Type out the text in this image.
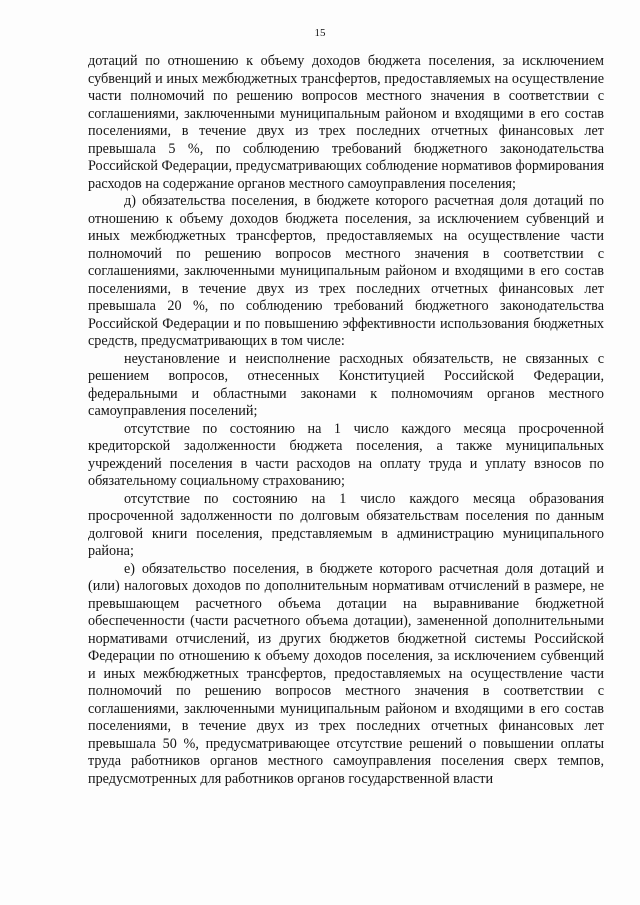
15

дотаций по отношению к объему доходов бюджета поселения, за исключением субвенций и иных межбюджетных трансфертов, предоставляемых на осуществление части полномочий по решению вопросов местного значения в соответствии с соглашениями, заключенными муниципальным районом и входящими в его состав поселениями, в течение двух из трех последних отчетных финансовых лет превышала 5 %, по соблюдению требований бюджетного законодательства Российской Федерации, предусматривающих соблюдение нормативов формирования расходов на содержание органов местного самоуправления поселения;

д) обязательства поселения, в бюджете которого расчетная доля дотаций по отношению к объему доходов бюджета поселения, за исключением субвенций и иных межбюджетных трансфертов, предоставляемых на осуществление части полномочий по решению вопросов местного значения в соответствии с соглашениями, заключенными муниципальным районом и входящими в его состав поселениями, в течение двух из трех последних отчетных финансовых лет превышала 20 %, по соблюдению требований бюджетного законодательства Российской Федерации и по повышению эффективности использования бюджетных средств, предусматривающих в том числе:

неустановление и неисполнение расходных обязательств, не связанных с решением вопросов, отнесенных Конституцией Российской Федерации, федеральными и областными законами к полномочиям органов местного самоуправления поселений;

отсутствие по состоянию на 1 число каждого месяца просроченной кредиторской задолженности бюджета поселения, а также муниципальных учреждений поселения в части расходов на оплату труда и уплату взносов по обязательному социальному страхованию;

отсутствие по состоянию на 1 число каждого месяца образования просроченной задолженности по долговым обязательствам поселения по данным долговой книги поселения, представляемым в администрацию муниципального района;

е) обязательство поселения, в бюджете которого расчетная доля дотаций и (или) налоговых доходов по дополнительным нормативам отчислений в размере, не превышающем расчетного объема дотации на выравнивание бюджетной обеспеченности (части расчетного объема дотации), замененной дополнительными нормативами отчислений, из других бюджетов бюджетной системы Российской Федерации по отношению к объему доходов поселения, за исключением субвенций и иных межбюджетных трансфертов, предоставляемых на осуществление части полномочий по решению вопросов местного значения в соответствии с соглашениями, заключенными муниципальным районом и входящими в его состав поселениями, в течение двух из трех последних отчетных финансовых лет превышала 50 %, предусматривающее отсутствие решений о повышении оплаты труда работников органов местного самоуправления поселения сверх темпов, предусмотренных для работников органов государственной власти
